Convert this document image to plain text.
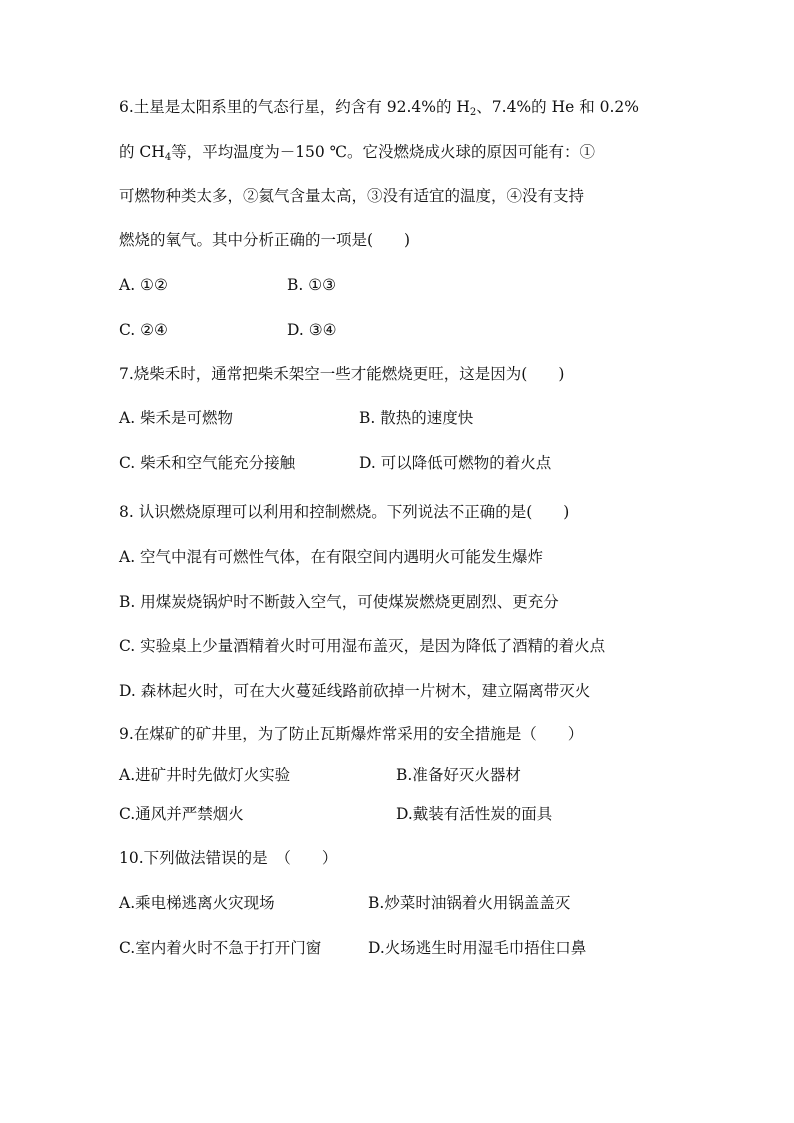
6.土星是太阳系里的气态行星，约含有 92.4%的 $H_2$、7.4%的 He 和 0.2%
的 $CH_4$等，平均温度为－150 ℃。它没燃烧成火球的原因可能有：①
可燃物种类太多，②氦气含量太高，③没有适宜的温度，④没有支持
燃烧的氧气。其中分析正确的一项是(　　)
A. ①②	B. ①③
C. ②④	D. ③④
7.烧柴禾时，通常把柴禾架空一些才能燃烧更旺，这是因为(　　)
A. 柴禾是可燃物	B. 散热的速度快
C. 柴禾和空气能充分接触	D. 可以降低可燃物的着火点
8. 认识燃烧原理可以利用和控制燃烧。下列说法不正确的是(　　)
A. 空气中混有可燃性气体，在有限空间内遇明火可能发生爆炸
B. 用煤炭烧锅炉时不断鼓入空气，可使煤炭燃烧更剧烈、更充分
C. 实验桌上少量酒精着火时可用湿布盖灭，是因为降低了酒精的着火点
D. 森林起火时，可在大火蔓延线路前砍掉一片树木，建立隔离带灭火
9.在煤矿的矿井里，为了防止瓦斯爆炸常采用的安全措施是（　　）
A.进矿井时先做灯火实验	B.准备好灭火器材
C.通风并严禁烟火	D.戴装有活性炭的面具
10.下列做法错误的是　（　　）
A.乘电梯逃离火灾现场	B.炒菜时油锅着火用锅盖盖灭
C.室内着火时不急于打开门窗	D.火场逃生时用湿毛巾捂住口鼻
